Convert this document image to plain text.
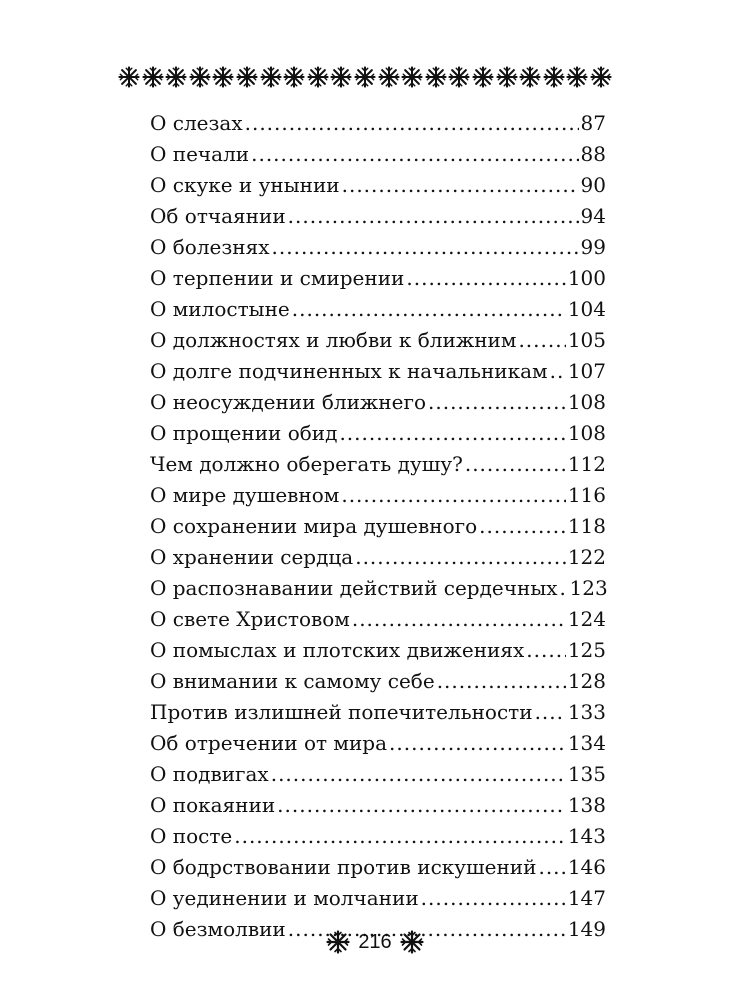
О слезах .....	87
О печали .....	88
О скуке и унынии .....	90
Об отчаянии .....	94
О болезнях .....	99
О терпении и смирении .....	100
О милостыне .....	104
О должностях и любви к ближним .....	105
О долге подчиненных к начальникам ..... 107
О неосуждении ближнего .....	108
О прощении обид .....	108
Чем должно оберегать душу? .....	112
О мире душевном .....	116
О сохранении мира душевного .....	118
О хранении сердца .....	122
О распознавании действий сердечных ..... 123
О свете Христовом .....	124
О помыслах и плотских движениях ..... 125
О внимании к самому себе .....	128
Против излишней попечительности ..... 133
Об отречении от мира .....	134
О подвигах .....	135
О покаянии .....	138
О посте .....	143
О бодрствовании против искушений ..... 146
О уединении и молчании .....	147
О безмолвии .....	149
216
